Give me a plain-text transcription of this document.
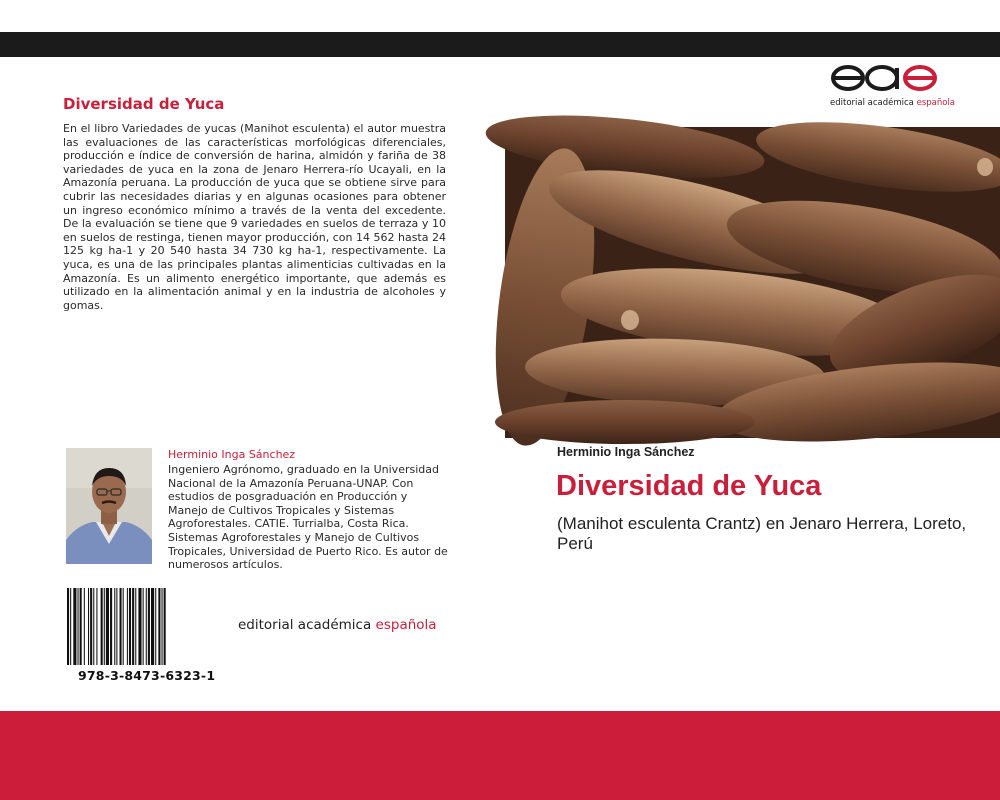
Diversidad de Yuca

En el libro Variedades de yucas (Manihot esculenta) el autor muestra las evaluaciones de las características morfológicas diferenciales, producción e índice de conversión de harina, almidón y fariña de 38 variedades de yuca en la zona de Jenaro Herrera-río Ucayali, en la Amazonía peruana. La producción de yuca que se obtiene sirve para cubrir las necesidades diarias y en algunas ocasiones para obtener un ingreso económico mínimo a través de la venta del excedente. De la evaluación se tiene que 9 variedades en suelos de terraza y 10 en suelos de restinga, tienen mayor producción, con 14 562 hasta 24 125 kg ha-1 y 20 540 hasta 34 730 kg ha-1, respectivamente. La yuca, es una de las principales plantas alimenticias cultivadas en la Amazonía. Es un alimento energético importante, que además es utilizado en la alimentación animal y en la industria de alcoholes y gomas.

Herminio Inga Sánchez

Ingeniero Agrónomo, graduado en la Universidad Nacional de la Amazonía Peruana-UNAP. Con estudios de posgraduación en Producción y Manejo de Cultivos Tropicales y Sistemas Agroforestales. CATIE. Turrialba, Costa Rica. Sistemas Agroforestales y Manejo de Cultivos Tropicales, Universidad de Puerto Rico. Es autor de numerosos artículos.

978-3-8473-6323-1

editorial académica española

editorial académica española

Herminio Inga Sánchez

Diversidad de Yuca

(Manihot esculenta Crantz) en Jenaro Herrera, Loreto, Perú
